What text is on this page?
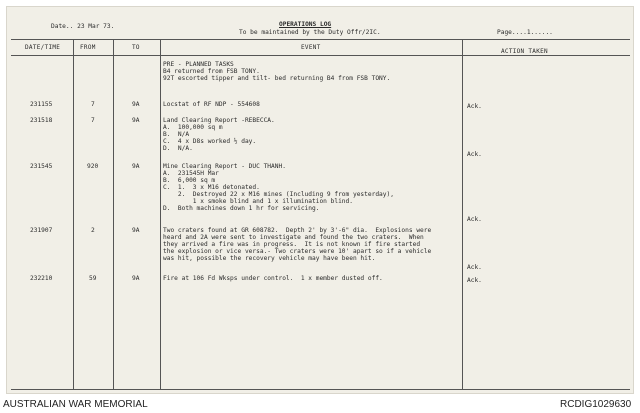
Date.. 23 Mar 73.	OPERATIONS LOG
To be maintained by the Duty Offr/2IC.	Page....1......
DATE/TIME	FROM	TO	EVENT
ACTION TAKEN
PRE - PLANNED TASKS
B4 returned from FSB TONY.
92T escorted tipper and tilt- bed returning B4 from FSB TONY.
231155	7	9A	Locstat of RF NDP - 554608	Ack.
231518	7	9A	Land Clearing Report -REBECCA.
A.  100,000 sq m
B.  N/A
C.  4 x D8s worked ½ day.
D.  N/A.
Ack.
231545	920	9A	Mine Clearing Report - DUC THANH.
A.  231545H Mar
B.  6,000 sq m
C.  1.  3 x M16 detonated.
2.  Destroyed 22 x M16 mines (Including 9 from yesterday),
1 x smoke blind and 1 x illumination blind.
D.  Both machines down 1 hr for servicing.
Ack.
231907	2	9A	Two craters found at GR 608782.  Depth 2' by 3'-6" dia.  Explosions were
heard and 2A were sent to investigate and found the two craters.  When
they arrived a fire was in progress.  It is not known if fire started
the explosion or vice versa.- Two craters were 10' apart so if a vehicle
was hit, possible the recovery vehicle may have been hit.
Ack.
232210	59	9A	Fire at 106 Fd Wksps under control.  1 x member dusted off.	Ack.
AUSTRALIAN WAR MEMORIAL	RCDIG1029630
